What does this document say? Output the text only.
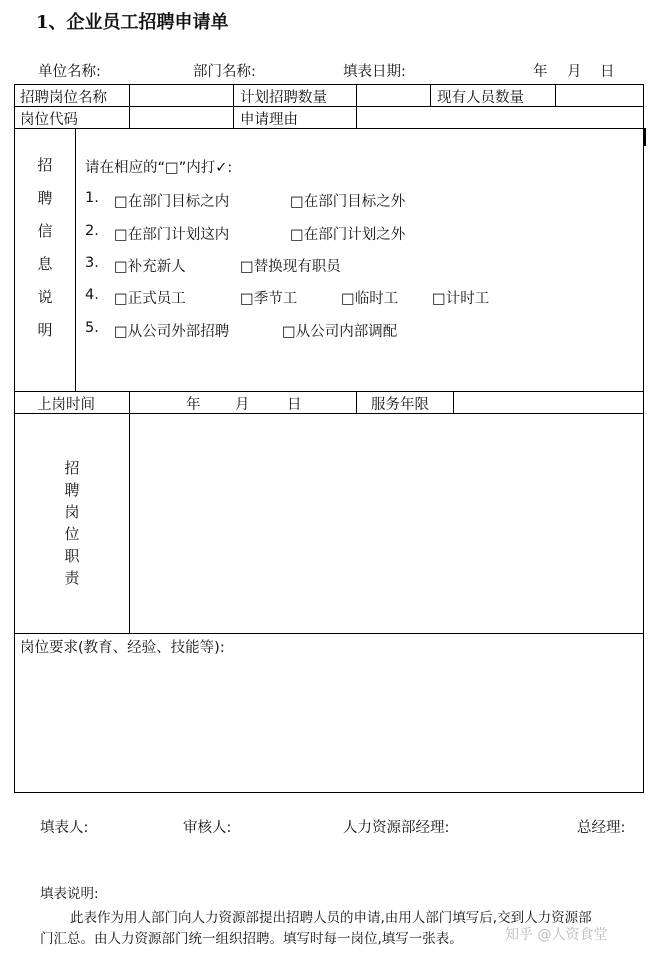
1、企业员工招聘申请单
单位名称:	部门名称:	填表日期:	年 月 日
招聘岗位名称	计划招聘数量	现有人员数量
岗位代码	申请理由
招
聘
信
息
说
明
请在相应的“□”内打✓:
1. □在部门目标之内	□在部门目标之外
2. □在部门计划这内	□在部门计划之外
3. □补充新人	□替换现有职员
4. □正式员工	□季节工	□临时工 □计时工
5. □从公司外部招聘	□从公司内部调配
上岗时间	年 月	日	服务年限
招
聘
岗
位
职
责
岗位要求(教育、经验、技能等):
填表人:	审核人:	人力资源部经理:	总经理:
填表说明:
此表作为用人部门向人力资源部提出招聘人员的申请,由用人部门填写后,交到人力资源部
门汇总。由人力资源部门统一组织招聘。填写时每一岗位,填写一张表。	知乎 @人资食堂
